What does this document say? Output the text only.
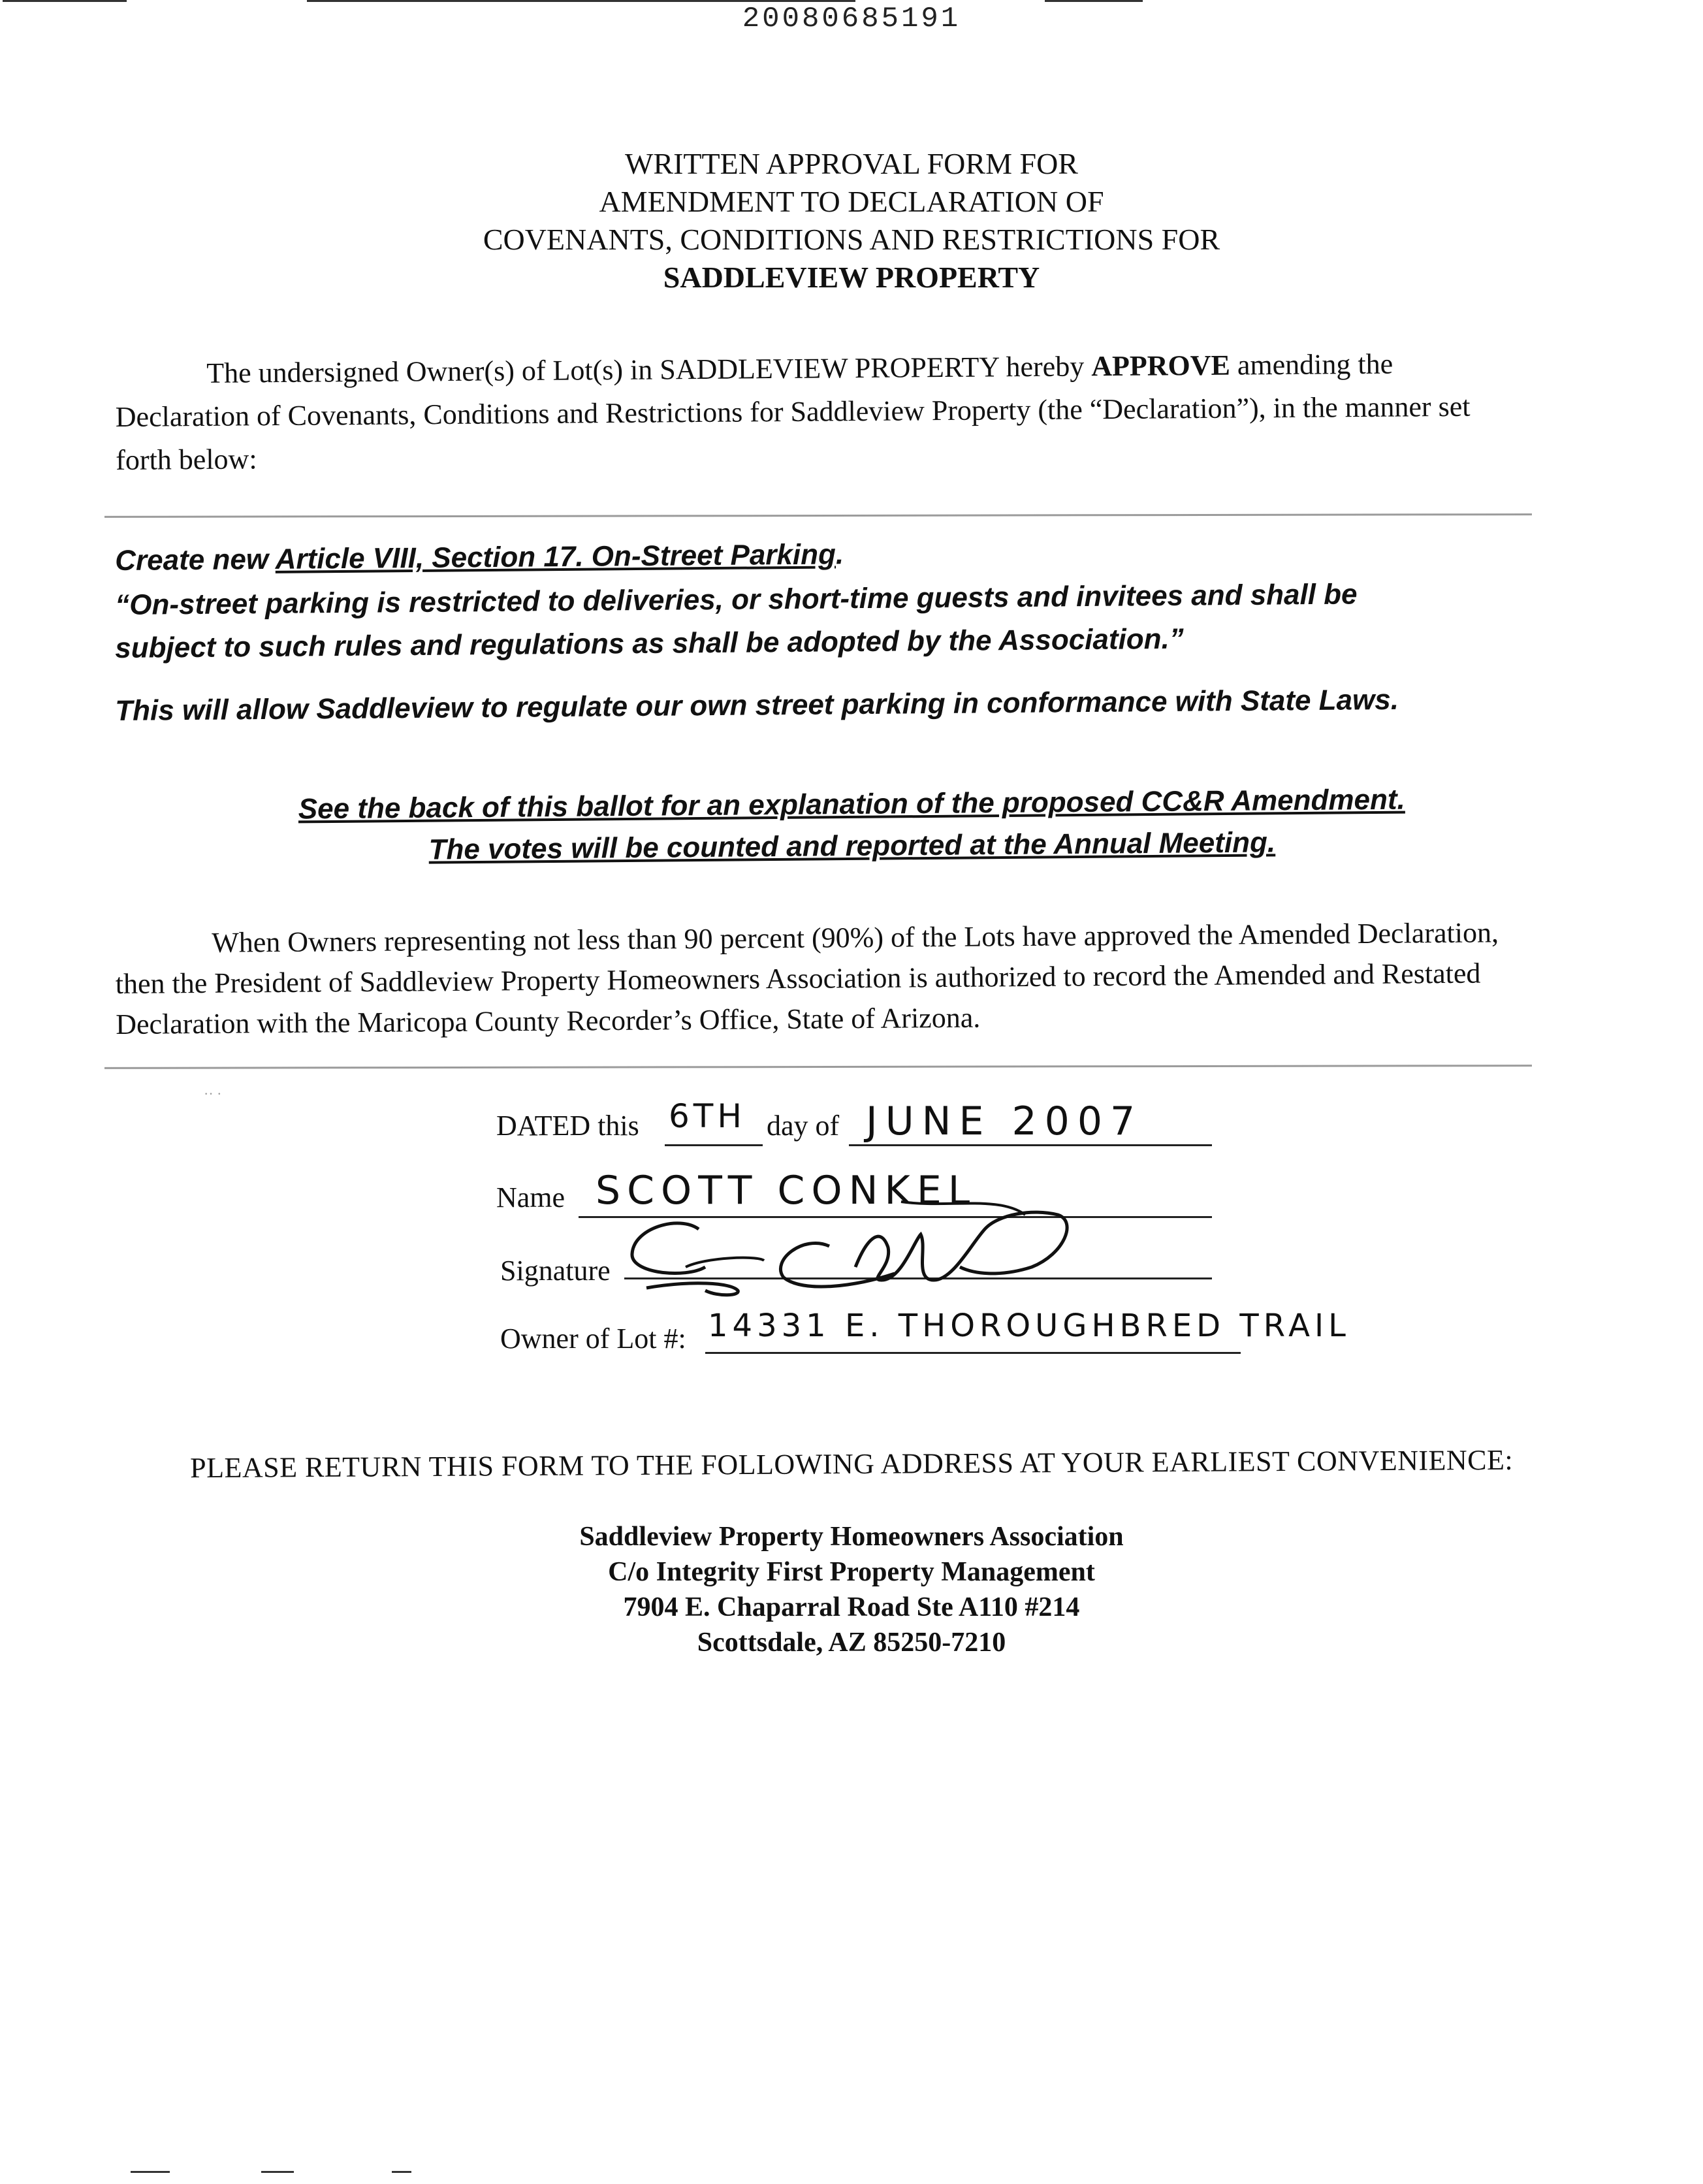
20080685191
WRITTEN APPROVAL FORM FOR
AMENDMENT TO DECLARATION OF
COVENANTS, CONDITIONS AND RESTRICTIONS FOR
SADDLEVIEW PROPERTY
The undersigned Owner(s) of Lot(s) in SADDLEVIEW PROPERTY hereby APPROVE amending the Declaration of Covenants, Conditions and Restrictions for Saddleview Property (the “Declaration”), in the manner set forth below:
Create new Article VIII, Section 17. On-Street Parking.
“On-street parking is restricted to deliveries, or short-time guests and invitees and shall be
subject to such rules and regulations as shall be adopted by the Association.”
This will allow Saddleview to regulate our own street parking in conformance with State Laws.
See the back of this ballot for an explanation of the proposed CC&R Amendment.
The votes will be counted and reported at the Annual Meeting.
When Owners representing not less than 90 percent (90%) of the Lots have approved the Amended Declaration, then the President of Saddleview Property Homeowners Association is authorized to record the Amended and Restated Declaration with the Maricopa County Recorder’s Office, State of Arizona.
·· ·
DATED this 6TH day of JUNE 2007
Name SCOTT CONKEL
Signature
Owner of Lot #: 14331 E. THOROUGHBRED TRAIL
PLEASE RETURN THIS FORM TO THE FOLLOWING ADDRESS AT YOUR EARLIEST CONVENIENCE:
Saddleview Property Homeowners Association
C/o Integrity First Property Management
7904 E. Chaparral Road Ste A110 #214
Scottsdale, AZ 85250-7210
